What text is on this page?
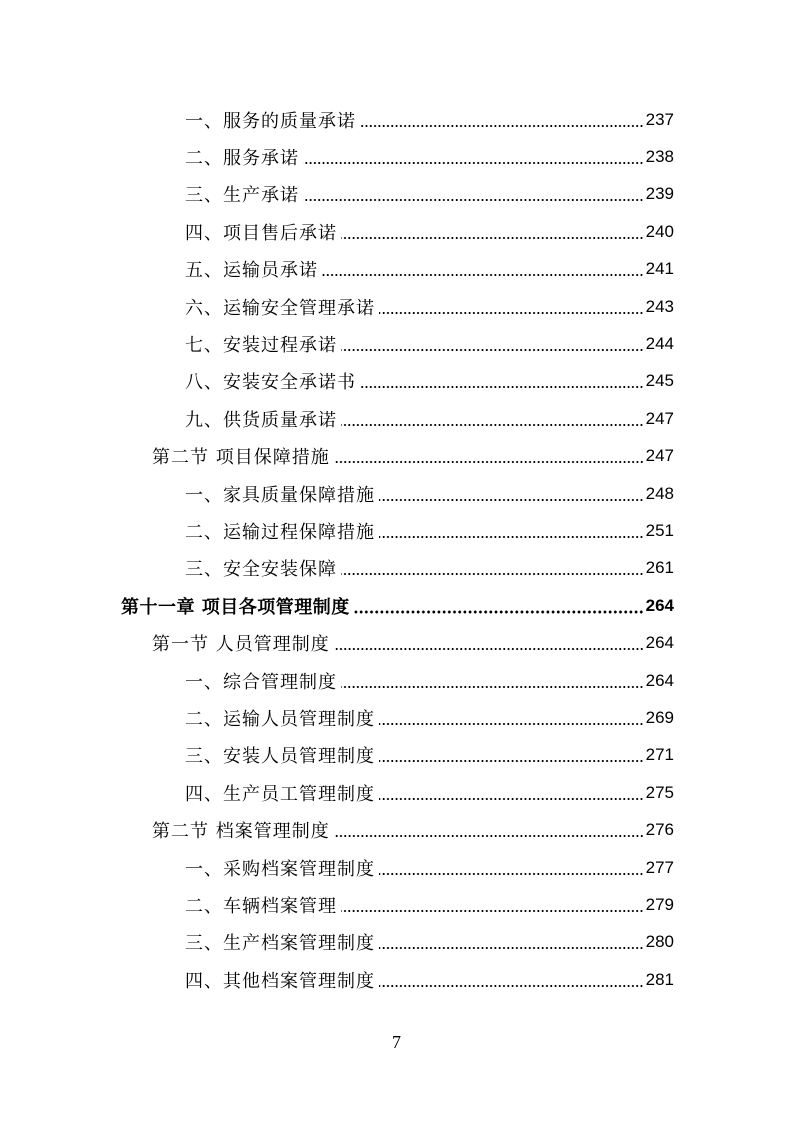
一、服务的质量承诺	237
二、服务承诺	238
三、生产承诺	239
四、项目售后承诺	240
五、运输员承诺	241
六、运输安全管理承诺	243
七、安装过程承诺	244
八、安装安全承诺书	245
九、供货质量承诺	247
第二节 项目保障措施	247
一、家具质量保障措施	248
二、运输过程保障措施	251
三、安全安装保障	261
第十一章 项目各项管理制度	264
第一节 人员管理制度	264
一、综合管理制度	264
二、运输人员管理制度	269
三、安装人员管理制度	271
四、生产员工管理制度	275
第二节 档案管理制度	276
一、采购档案管理制度	277
二、车辆档案管理	279
三、生产档案管理制度	280
四、其他档案管理制度	281
7
